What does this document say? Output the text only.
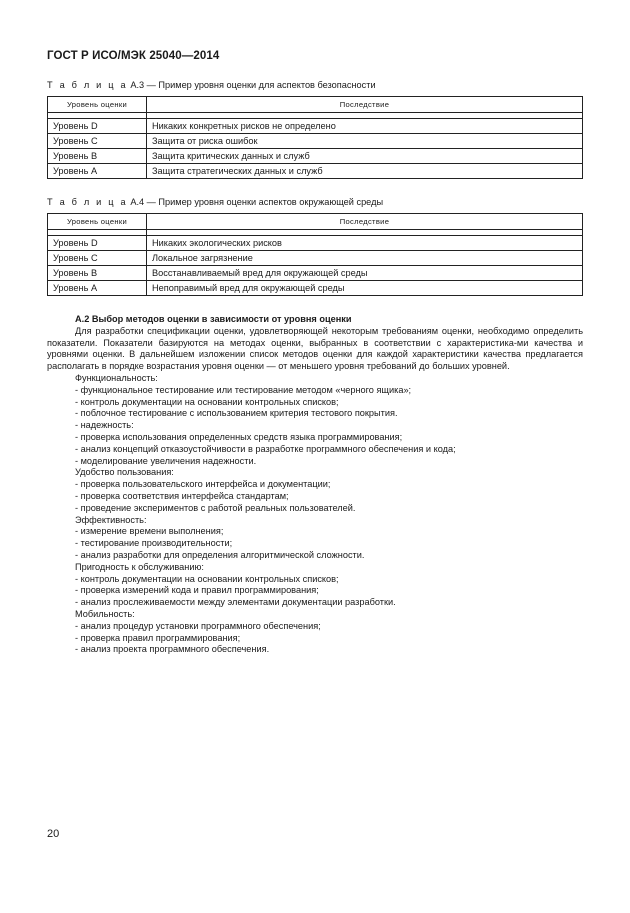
ГОСТ Р ИСО/МЭК 25040—2014
Т а б л и ц а А.3 — Пример уровня оценки для аспектов безопасности
Уровень оценки	Последствие

Уровень D	Никаких конкретных рисков не определено
Уровень C	Защита от риска ошибок
Уровень B	Защита критических данных и служб
Уровень A	Защита стратегических данных и служб
Т а б л и ц а А.4 — Пример уровня оценки аспектов окружающей среды
Уровень оценки	Последствие

Уровень D	Никаких экологических рисков
Уровень C	Локальное загрязнение
Уровень B	Восстанавливаемый вред для окружающей среды
Уровень A	Непоправимый вред для окружающей среды
А.2 Выбор методов оценки в зависимости от уровня оценки

Для разработки спецификации оценки, удовлетворяющей некоторым требованиям оценки, необходимо определить показатели. Показатели базируются на методах оценки, выбранных в соответствии с характеристика-ми качества и уровнями оценки. В дальнейшем изложении список методов оценки для каждой характеристики качества предлагается располагать в порядке возрастания уровня оценки — от меньшего уровня требований до больших уровней.

Функциональность:
- функциональное тестирование или тестирование методом «черного ящика»;
- контроль документации на основании контрольных списков;
- поблочное тестирование с использованием критерия тестового покрытия.
- надежность:
- проверка использования определенных средств языка программирования;
- анализ концепций отказоустойчивости в разработке программного обеспечения и кода;
- моделирование увеличения надежности.
Удобство пользования:
- проверка пользовательского интерфейса и документации;
- проверка соответствия интерфейса стандартам;
- проведение экспериментов с работой реальных пользователей.
Эффективность:
- измерение времени выполнения;
- тестирование производительности;
- анализ разработки для определения алгоритмической сложности.
Пригодность к обслуживанию:
- контроль документации на основании контрольных списков;
- проверка измерений кода и правил программирования;
- анализ прослеживаемости между элементами документации разработки.
Мобильность:
- анализ процедур установки программного обеспечения;
- проверка правил программирования;
- анализ проекта программного обеспечения.
20
